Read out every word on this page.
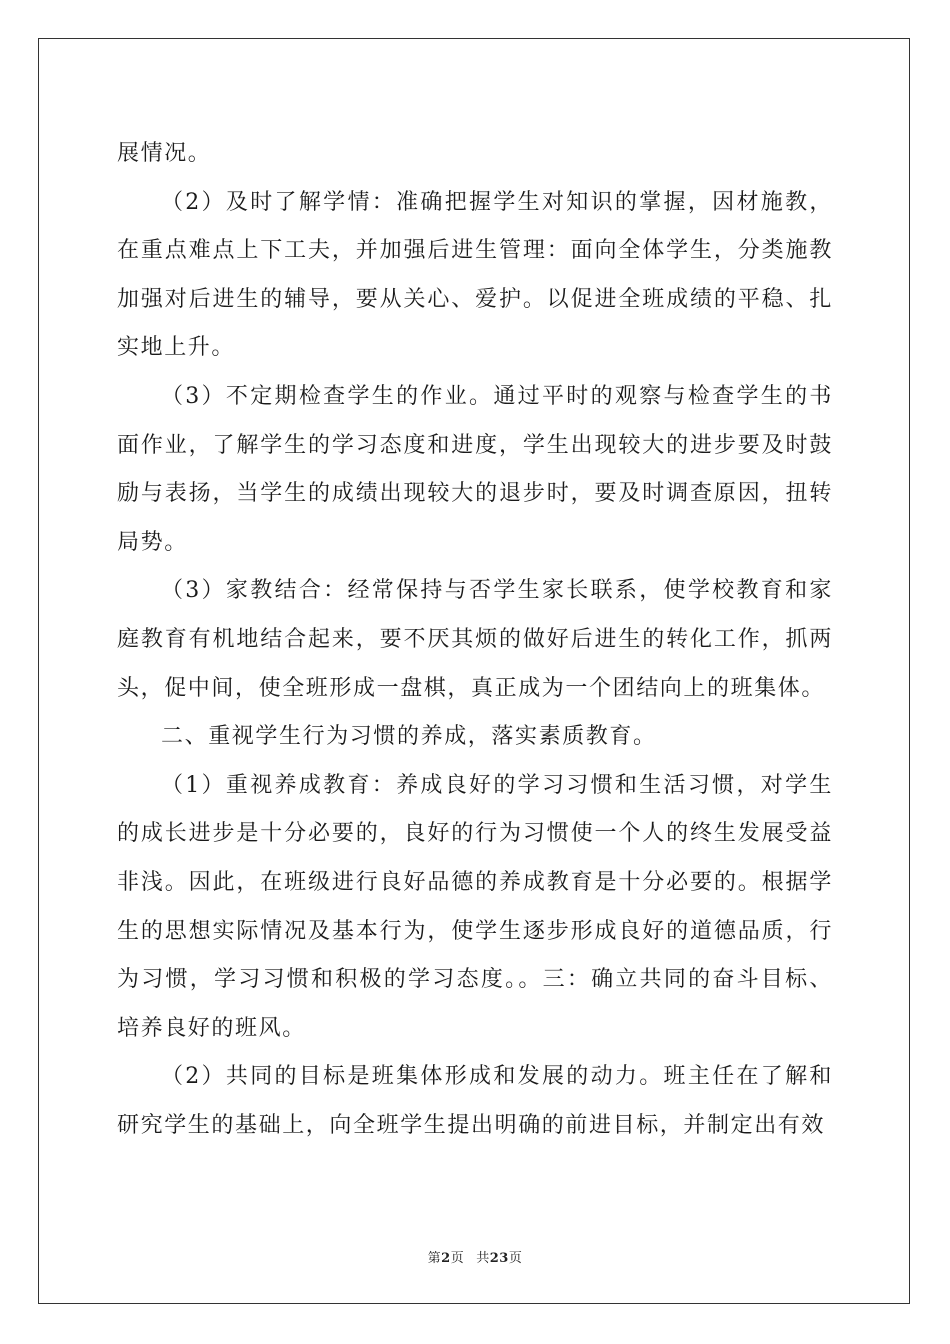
展情况。

（2）及时了解学情：准确把握学生对知识的掌握，因材施教，在重点难点上下工夫，并加强后进生管理：面向全体学生，分类施教加强对后进生的辅导，要从关心、爱护。以促进全班成绩的平稳、扎实地上升。

（3）不定期检查学生的作业。通过平时的观察与检查学生的书面作业，了解学生的学习态度和进度，学生出现较大的进步要及时鼓励与表扬，当学生的成绩出现较大的退步时，要及时调查原因，扭转局势。

（3）家教结合：经常保持与否学生家长联系，使学校教育和家庭教育有机地结合起来，要不厌其烦的做好后进生的转化工作，抓两头，促中间，使全班形成一盘棋，真正成为一个团结向上的班集体。

二、重视学生行为习惯的养成，落实素质教育。

（1）重视养成教育：养成良好的学习习惯和生活习惯，对学生的成长进步是十分必要的，良好的行为习惯使一个人的终生发展受益非浅。因此，在班级进行良好品德的养成教育是十分必要的。根据学生的思想实际情况及基本行为，使学生逐步形成良好的道德品质，行为习惯，学习习惯和积极的学习态度。。三：确立共同的奋斗目标、培养良好的班风。

（2）共同的目标是班集体形成和发展的动力。班主任在了解和研究学生的基础上，向全班学生提出明确的前进目标，并制定出有效

第2页 共23页
